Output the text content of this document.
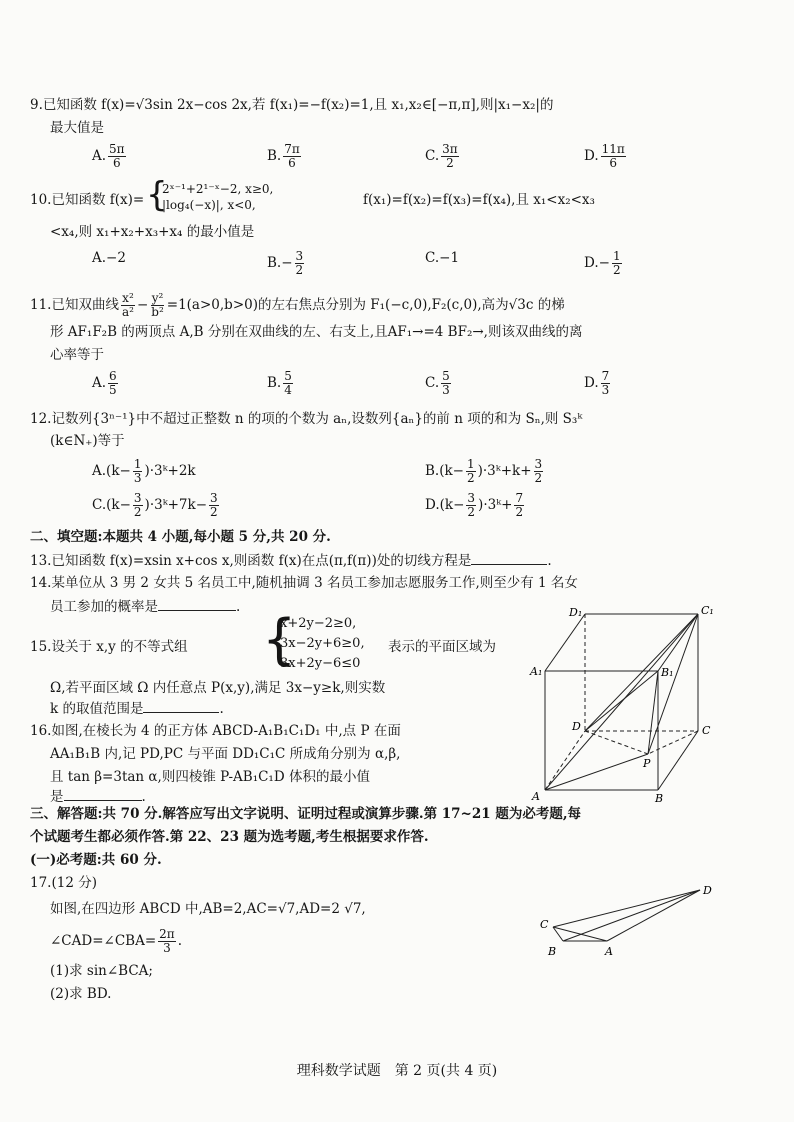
9.已知函数 f(x)=√3sin 2x−cos 2x,若 f(x₁)=−f(x₂)=1,且 x₁,x₂∈[−π,π],则|x₁−x₂|的
最大值是
A. $\frac{5\pi}{6}$	B. $\frac{7\pi}{6}$	C. $\frac{3\pi}{2}$	D. $\frac{11\pi}{6}$
10.已知函数 f(x)= {
2ˣ⁻¹+2¹⁻ˣ−2, x≥0,
|log₄(−x)|, x<0,	f(x₁)=f(x₂)=f(x₃)=f(x₄),且 x₁<x₂<x₃
<x₄,则 x₁+x₂+x₃+x₄ 的最小值是
A. −2	B. − $\frac{3}{2}$	C. −1	D. − $\frac{1}{2}$
11.已知双曲线 $\frac{\text{x²}}{\text{a²}} - \frac{\text{y²}}{\text{b²}} =1(a>0,b>0)$的左右焦点分别为 F₁(−c,0),F₂(c,0),高为√3c 的梯
形 AF₁F₂B 的两顶点 A,B 分别在双曲线的左、右支上,且AF₁→=4 BF₂→,则该双曲线的离
心率等于
A. $\frac{6}{5}$	B. $\frac{5}{4}$	C. $\frac{5}{3}$	D. $\frac{7}{3}$
12.记数列{3ⁿ⁻¹}中不超过正整数 n 的项的个数为 aₙ,设数列{aₙ}的前 n 项的和为 Sₙ,则 S₃ᵏ
(k∈N₊)等于
A. ($k- \frac{1}{3}$ )·3ᵏ+2k	B. ($k- \frac{1}{2}$ )·3ᵏ+k+ $\frac{3}{2}$
C. ($k- \frac{3}{2}$ )·3ᵏ+7k− $\frac{3}{2}$	D. ($k- \frac{3}{2}$ )·3ᵏ+ $\frac{7}{2}$
二、填空题:本题共 4 小题,每小题 5 分,共 20 分.
13.已知函数 f(x)=xsin x+cos x,则函数 f(x)在点(π,f(π))处的切线方程是	.
14.某单位从 3 男 2 女共 5 名员工中,随机抽调 3 名员工参加志愿服务工作,则至少有 1 名女
员工参加的概率是	.
15.设关于 x,y 的不等式组 {
x+2y−2≥0,
3x−2y+6≥0,
3x+2y−6≤0
表示的平面区域为
Ω,若平面区域 Ω 内任意点 P(x,y),满足 3x−y≥k,则实数
k 的取值范围是	.
16.如图,在棱长为 4 的正方体 ABCD-A₁B₁C₁D₁ 中,点 P 在面
AA₁B₁B 内,记 PD,PC 与平面 DD₁C₁C 所成角分别为 α,β,
且 tan β=3tan α,则四棱锥 P-AB₁C₁D 体积的最小值
是	.	A	B
C
D
A₁	B₁
C₁
D₁
P
三、解答题:共 70 分.解答应写出文字说明、证明过程或演算步骤.第 17~21 题为必考题,每
个试题考生都必须作答.第 22、23 题为选考题,考生根据要求作答.
(一)必考题:共 60 分.
17.(12 分)
如图,在四边形 ABCD 中,AB=2,AC=√7,AD=2 √7,
∠CAD=∠CBA= $\frac{2\pi}{3}$ .
(1)求 sin∠BCA;
(2)求 BD.
D
C
B	A
理科数学试题　第 2 页(共 4 页)
